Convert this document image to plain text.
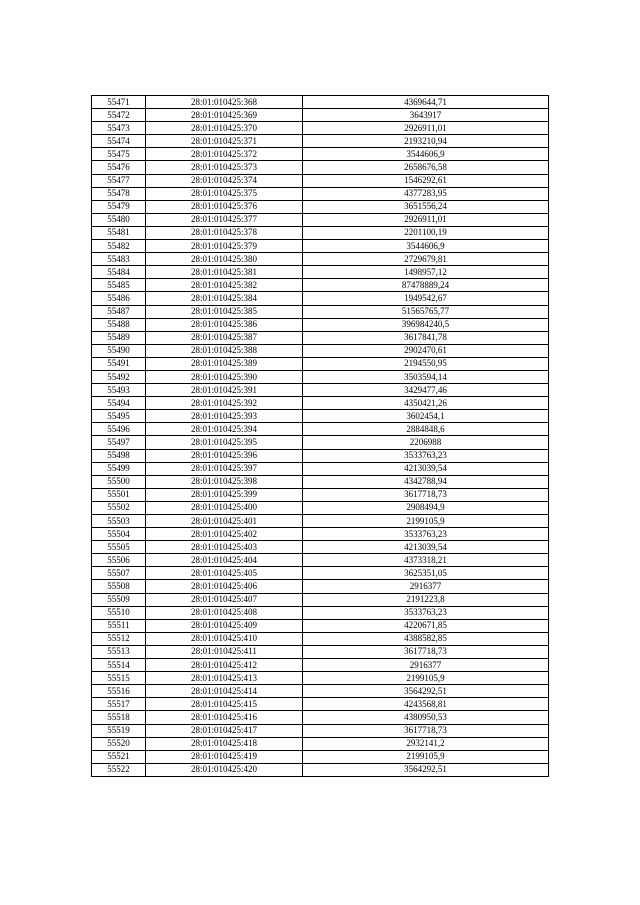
55471	28:01:010425:368	4369644,71
55472	28:01:010425:369	3643917
55473	28:01:010425:370	2926911,01
55474	28:01:010425:371	2193210,94
55475	28:01:010425:372	3544606,9
55476	28:01:010425:373	2658676,58
55477	28:01:010425:374	1546292,61
55478	28:01:010425:375	4377283,95
55479	28:01:010425:376	3651556,24
55480	28:01:010425:377	2926911,01
55481	28:01:010425:378	2201100,19
55482	28:01:010425:379	3544606,9
55483	28:01:010425:380	2729679,81
55484	28:01:010425:381	1498957,12
55485	28:01:010425:382	87478889,24
55486	28:01:010425:384	1949542,67
55487	28:01:010425:385	51565765,77
55488	28:01:010425:386	396984240,5
55489	28:01:010425:387	3617841,78
55490	28:01:010425:388	2902470,61
55491	28:01:010425:389	2194550,95
55492	28:01:010425:390	3503594,14
55493	28:01:010425:391	3429477,46
55494	28:01:010425:392	4350421,26
55495	28:01:010425:393	3602454,1
55496	28:01:010425:394	2884848,6
55497	28:01:010425:395	2206988
55498	28:01:010425:396	3533763,23
55499	28:01:010425:397	4213039,54
55500	28:01:010425:398	4342788,94
55501	28:01:010425:399	3617718,73
55502	28:01:010425:400	2908494,9
55503	28:01:010425:401	2199105,9
55504	28:01:010425:402	3533763,23
55505	28:01:010425:403	4213039,54
55506	28:01:010425:404	4373318,21
55507	28:01:010425:405	3625351,05
55508	28:01:010425:406	2916377
55509	28:01:010425:407	2191223,8
55510	28:01:010425:408	3533763,23
55511	28:01:010425:409	4220671,85
55512	28:01:010425:410	4388582,85
55513	28:01:010425:411	3617718,73
55514	28:01:010425:412	2916377
55515	28:01:010425:413	2199105,9
55516	28:01:010425:414	3564292,51
55517	28:01:010425:415	4243568,81
55518	28:01:010425:416	4380950,53
55519	28:01:010425:417	3617718,73
55520	28:01:010425:418	2932141,2
55521	28:01:010425:419	2199105,9
55522	28:01:010425:420	3564292,51
